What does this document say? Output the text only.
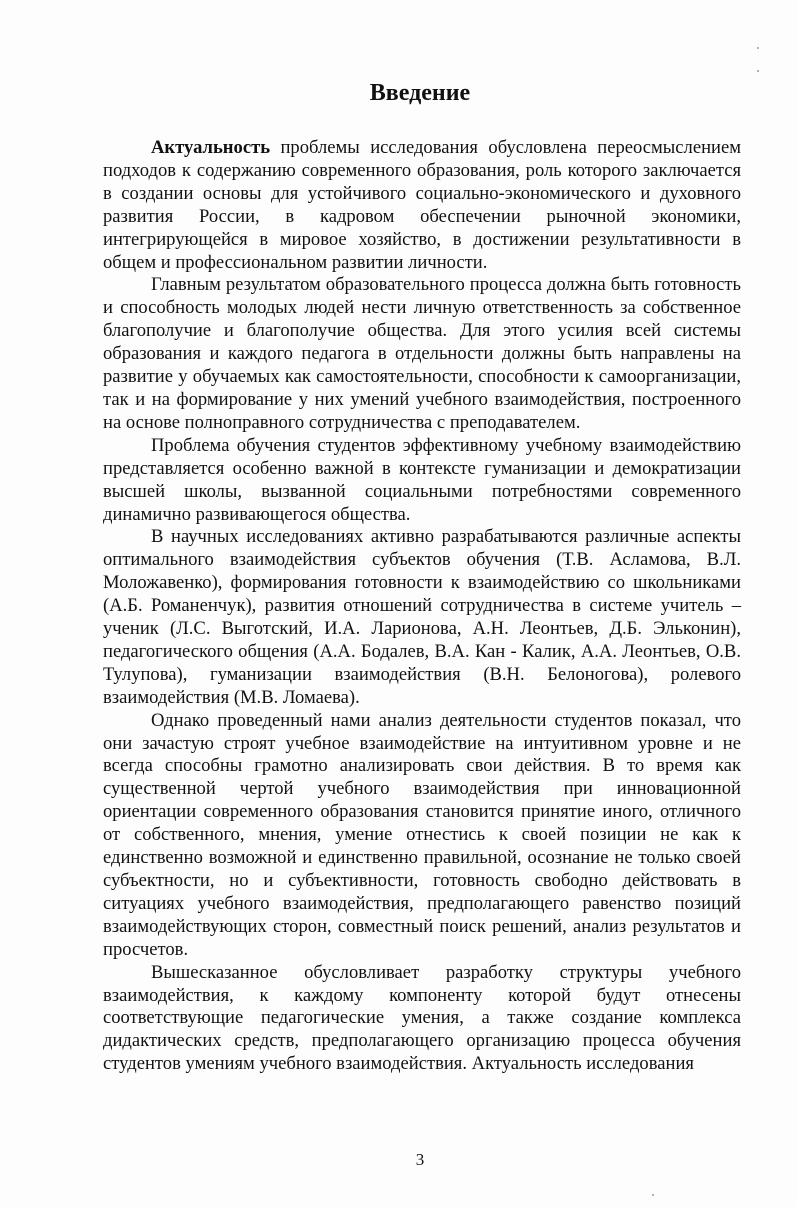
Введение

Актуальность проблемы исследования обусловлена переосмыслением подходов к содержанию современного образования, роль которого заключается в создании основы для устойчивого социально-экономического и духовного развития России, в кадровом обеспечении рыночной экономики, интегрирующейся в мировое хозяйство, в достижении результативности в общем и профессиональном развитии личности.

Главным результатом образовательного процесса должна быть готовность и способность молодых людей нести личную ответственность за собственное благополучие и благополучие общества. Для этого усилия всей системы образования и каждого педагога в отдельности должны быть направлены на развитие у обучаемых как самостоятельности, способности к самоорганизации, так и на формирование у них умений учебного взаимодействия, построенного на основе полноправного сотрудничества с преподавателем.

Проблема обучения студентов эффективному учебному взаимодействию представляется особенно важной в контексте гуманизации и демократизации высшей школы, вызванной социальными потребностями современного динамично развивающегося общества.

В научных исследованиях активно разрабатываются различные аспекты оптимального взаимодействия субъектов обучения (Т.В. Асламова, В.Л. Моложавенко), формирования готовности к взаимодействию со школьниками (А.Б. Романенчук), развития отношений сотрудничества в системе учитель – ученик (Л.С. Выготский, И.А. Ларионова, А.Н. Леонтьев, Д.Б. Эльконин), педагогического общения (А.А. Бодалев, В.А. Кан - Калик, А.А. Леонтьев, О.В. Тулупова), гуманизации взаимодействия (В.Н. Белоногова), ролевого взаимодействия (М.В. Ломаева).

Однако проведенный нами анализ деятельности студентов показал, что они зачастую строят учебное взаимодействие на интуитивном уровне и не всегда способны грамотно анализировать свои действия. В то время как существенной чертой учебного взаимодействия при инновационной ориентации современного образования становится принятие иного, отличного от собственного, мнения, умение отнестись к своей позиции не как к единственно возможной и единственно правильной, осознание не только своей субъектности, но и субъективности, готовность свободно действовать в ситуациях учебного взаимодействия, предполагающего равенство позиций взаимодействующих сторон, совместный поиск решений, анализ результатов и просчетов.

Вышесказанное обусловливает разработку структуры учебного взаимодействия, к каждому компоненту которой будут отнесены соответствующие педагогические умения, а также создание комплекса дидактических средств, предполагающего организацию процесса обучения студентов умениям учебного взаимодействия. Актуальность исследования

3
